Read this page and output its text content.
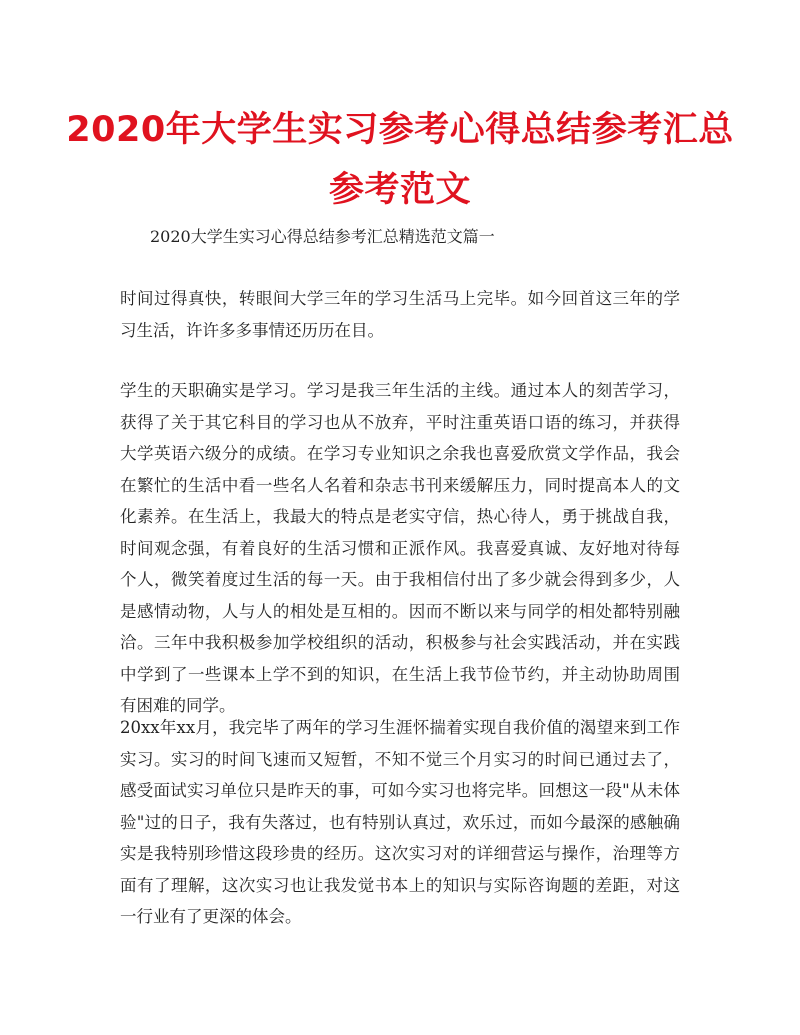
2020年大学生实习参考心得总结参考汇总
参考范文

2020大学生实习心得总结参考汇总精选范文篇一

时间过得真快，转眼间大学三年的学习生活马上完毕。如今回首这三年的学习生活，许许多多事情还历历在目。

学生的天职确实是学习。学习是我三年生活的主线。通过本人的刻苦学习，获得了关于其它科目的学习也从不放弃，平时注重英语口语的练习，并获得大学英语六级分的成绩。在学习专业知识之余我也喜爱欣赏文学作品，我会在繁忙的生活中看一些名人名着和杂志书刊来缓解压力，同时提高本人的文化素养。在生活上，我最大的特点是老实守信，热心待人，勇于挑战自我，时间观念强，有着良好的生活习惯和正派作风。我喜爱真诚、友好地对待每个人，微笑着度过生活的每一天。由于我相信付出了多少就会得到多少，人是感情动物，人与人的相处是互相的。因而不断以来与同学的相处都特别融洽。三年中我积极参加学校组织的活动，积极参与社会实践活动，并在实践中学到了一些课本上学不到的知识，在生活上我节俭节约，并主动协助周围有困难的同学。

20xx年xx月，我完毕了两年的学习生涯怀揣着实现自我价值的渴望来到工作实习。实习的时间飞速而又短暂，不知不觉三个月实习的时间已通过去了，感受面试实习单位只是昨天的事，可如今实习也将完毕。回想这一段"从未体验"过的日子，我有失落过，也有特别认真过，欢乐过，而如今最深的感触确实是我特别珍惜这段珍贵的经历。这次实习对的详细营运与操作，治理等方面有了理解，这次实习也让我发觉书本上的知识与实际咨询题的差距，对这一行业有了更深的体会。
